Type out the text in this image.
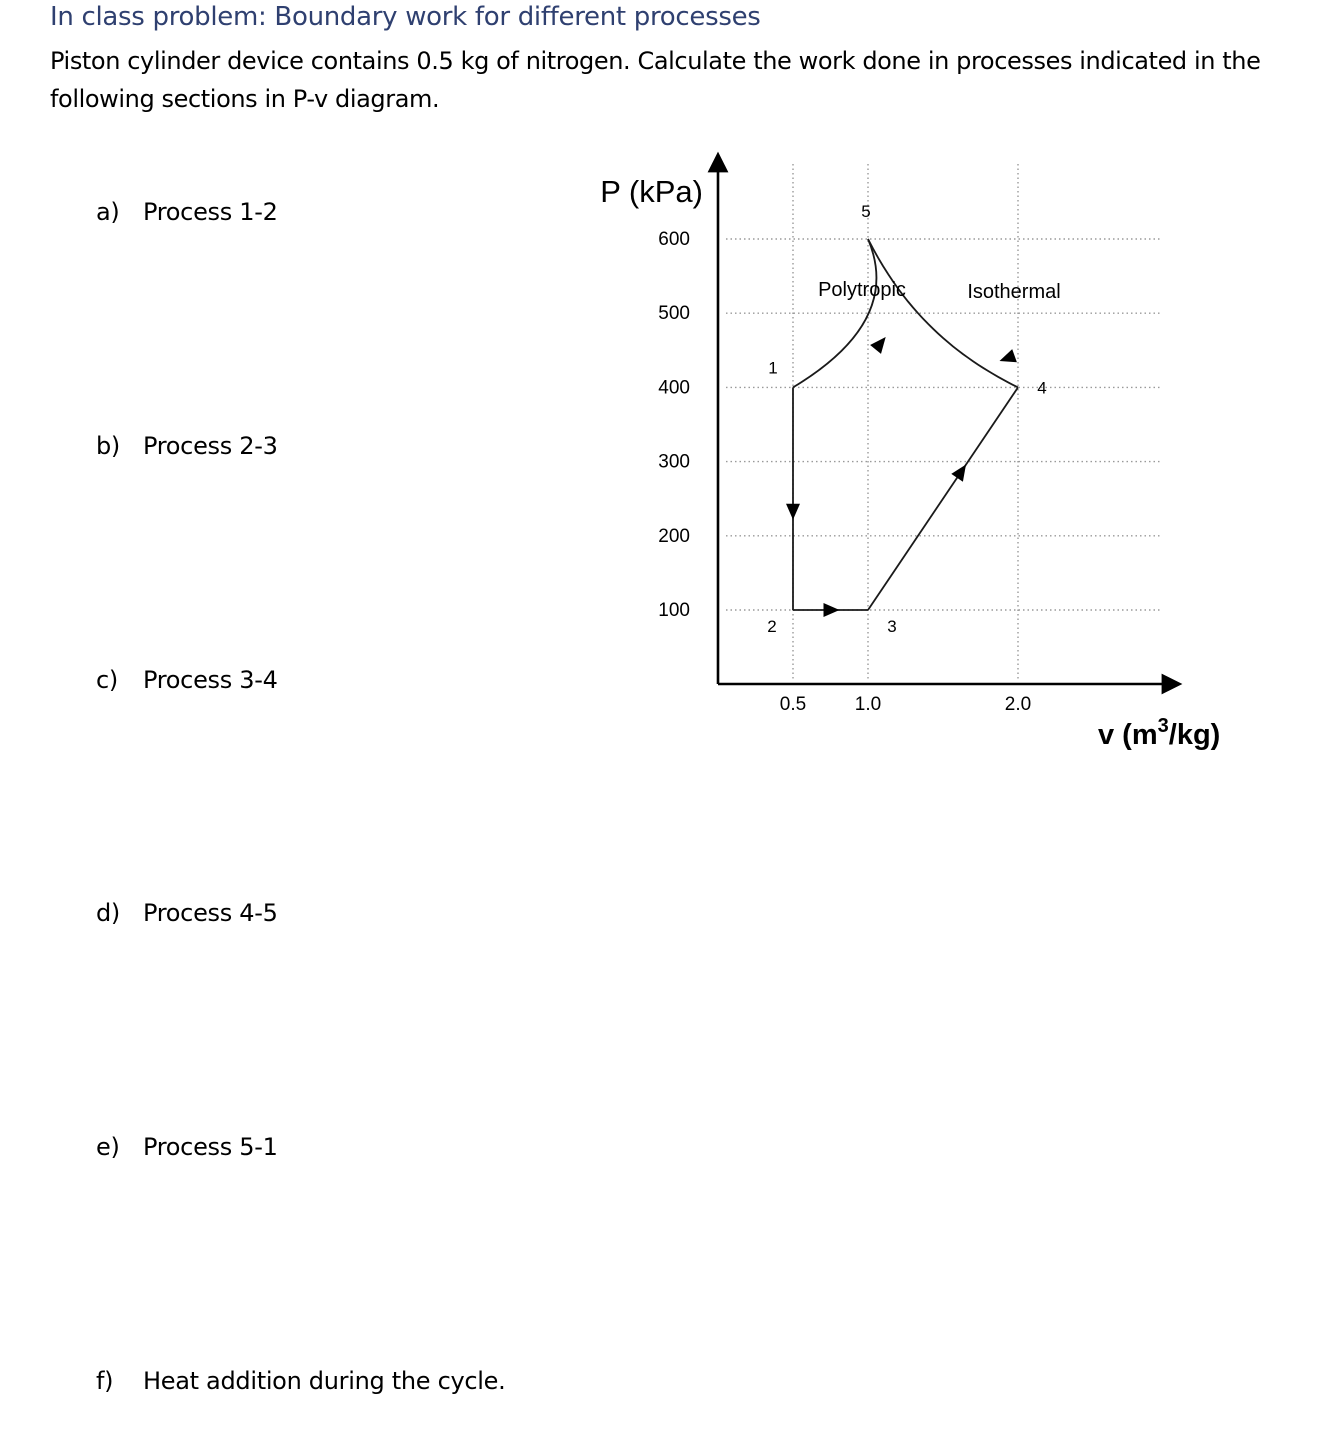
In class problem: Boundary work for different processes
Piston cylinder device contains 0.5 kg of nitrogen. Calculate the work done in processes indicated in the following sections in P-v diagram.
a) Process 1-2
b) Process 2-3
c) Process 3-4
d) Process 4-5
e) Process 5-1
f) Heat addition during the cycle.
600
500
400
300
200
100
0.5	1.0	2.0
P (kPa)
v $(m^3/kg)$
1
2	3
4
5
Polytropic	Isothermal
